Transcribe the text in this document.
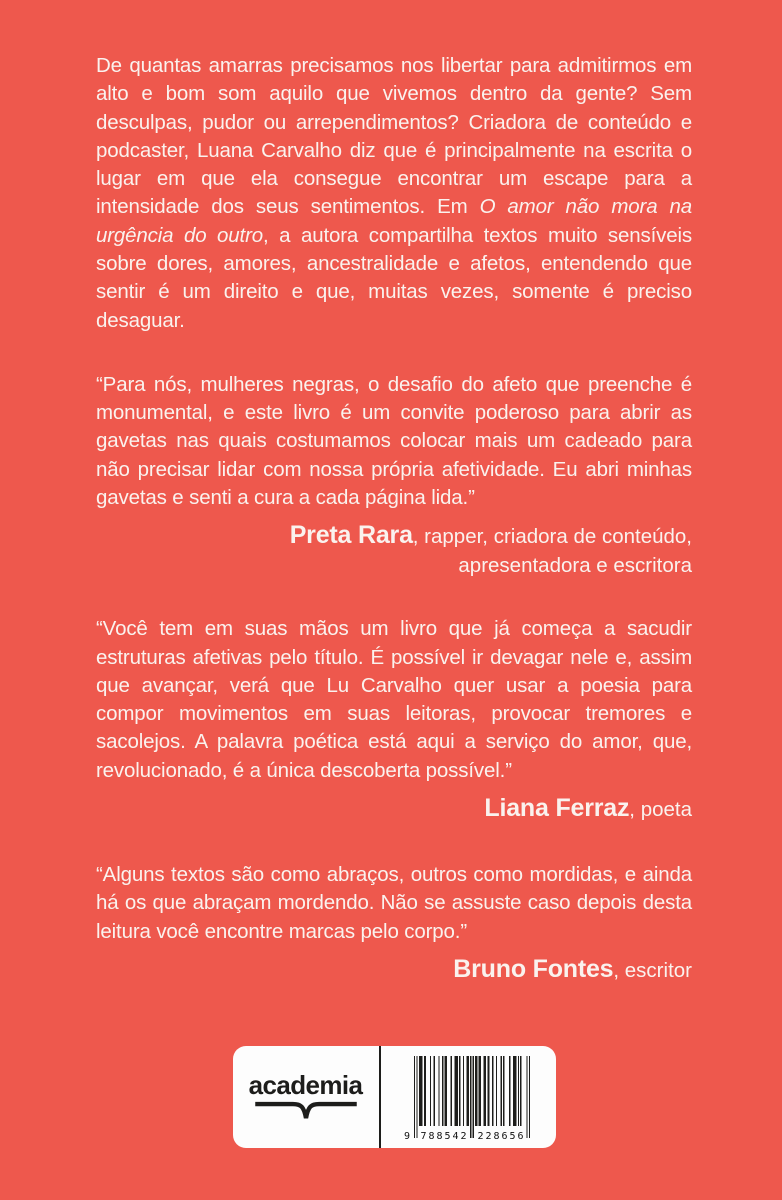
De quantas amarras precisamos nos libertar para admitirmos em alto e bom som aquilo que vivemos dentro da gente? Sem desculpas, pudor ou arrependimentos? Criadora de conteúdo e podcaster, Luana Carvalho diz que é principalmente na escrita o lugar em que ela consegue encontrar um escape para a intensidade dos seus sentimentos. Em O amor não mora na urgência do outro, a autora compartilha textos muito sensíveis sobre dores, amores, ancestralidade e afetos, entendendo que sentir é um direito e que, muitas vezes, somente é preciso desaguar.

“Para nós, mulheres negras, o desafio do afeto que preenche é monumental, e este livro é um convite poderoso para abrir as gavetas nas quais costumamos colocar mais um cadeado para não precisar lidar com nossa própria afetividade. Eu abri minhas gavetas e senti a cura a cada página lida.”

Preta Rara, rapper, criadora de conteúdo, apresentadora e escritora

“Você tem em suas mãos um livro que já começa a sacudir estruturas afetivas pelo título. É possível ir devagar nele e, assim que avançar, verá que Lu Carvalho quer usar a poesia para compor movimentos em suas leitoras, provocar tremores e sacolejos. A palavra poética está aqui a serviço do amor, que, revolucionado, é a única descoberta possível.”

Liana Ferraz, poeta

“Alguns textos são como abraços, outros como mordidas, e ainda há os que abraçam mordendo. Não se assuste caso depois desta leitura você encontre marcas pelo corpo.”

Bruno Fontes, escritor

academia
9	788542 228656
